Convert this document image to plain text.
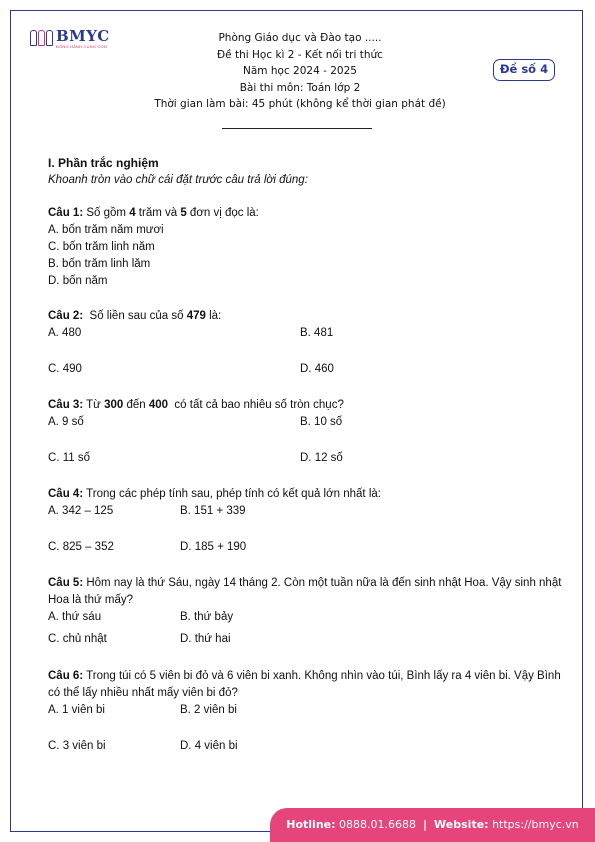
BMYC
ĐỒNG HÀNH CÙNG CON
Phòng Giáo dục và Đào tạo .....
Đề thi Học kì 2 - Kết nối tri thức
Năm học 2024 - 2025
Bài thi môn: Toán lớp 2
Thời gian làm bài: 45 phút (không kể thời gian phát đề)
Đề số 4
I. Phần trắc nghiệm
Khoanh tròn vào chữ cái đặt trước câu trả lời đúng:
Câu 1: Số gồm 4 trăm và 5 đơn vị đọc là:
A. bốn trăm năm mươi
C. bốn trăm linh năm
B. bốn trăm linh lăm
D. bốn năm
Câu 2:  Số liền sau của số 479 là:
A. 480	B. 481
C. 490	D. 460
Câu 3: Từ 300 đến 400  có tất cả bao nhiêu số tròn chục?
A. 9 số	B. 10 số
C. 11 số	D. 12 số
Câu 4: Trong các phép tính sau, phép tính có kết quả lớn nhất là:
A. 342 – 125	B. 151 + 339
C. 825 – 352	D. 185 + 190
Câu 5: Hôm nay là thứ Sáu, ngày 14 tháng 2. Còn một tuần nữa là đến sinh nhật Hoa. Vậy sinh nhật Hoa là thứ mấy?
A. thứ sáu	B. thứ bảy
C. chủ nhật	D. thứ hai
Câu 6: Trong túi có 5 viên bi đỏ và 6 viên bi xanh. Không nhìn vào túi, Bình lấy ra 4 viên bi. Vậy Bình có thể lấy nhiều nhất mấy viên bi đỏ?
A. 1 viên bi	B. 2 viên bi
C. 3 viên bi	D. 4 viên bi
Hotline: 0888.01.6688 | Website: https://bmyc.vn
